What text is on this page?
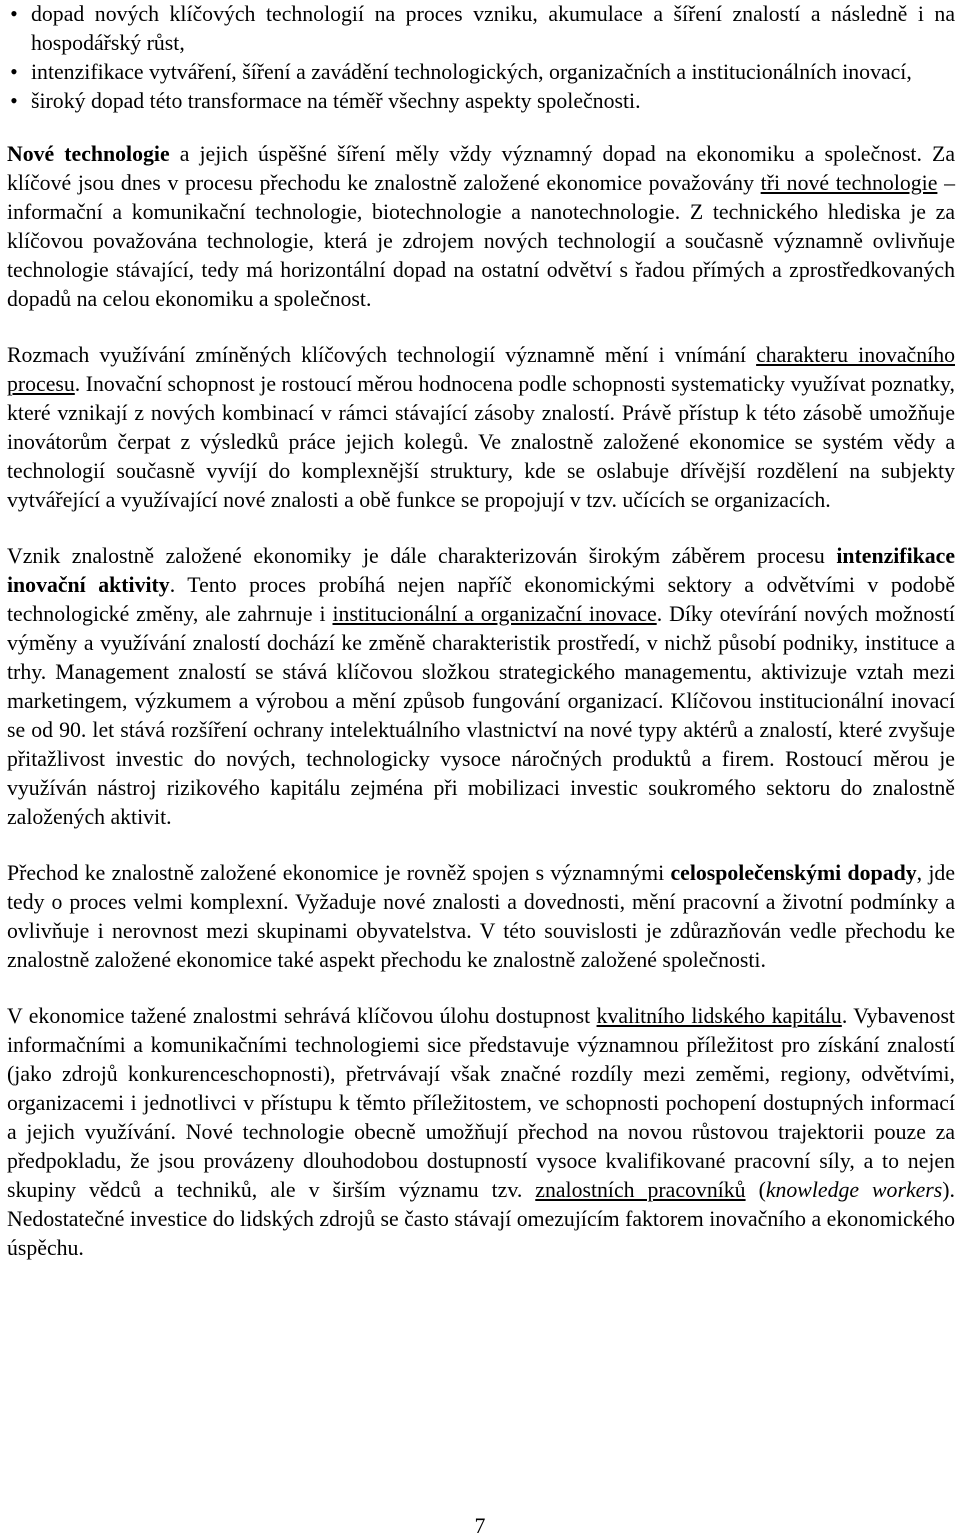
• dopad nových klíčových technologií na proces vzniku, akumulace a šíření znalostí a následně i na hospodářský růst,
• intenzifikace vytváření, šíření a zavádění technologických, organizačních a institucionálních inovací,
• široký dopad této transformace na téměř všechny aspekty společnosti.

Nové technologie a jejich úspěšné šíření měly vždy významný dopad na ekonomiku a společnost. Za klíčové jsou dnes v procesu přechodu ke znalostně založené ekonomice považovány tři nové technologie – informační a komunikační technologie, biotechnologie a nanotechnologie. Z technického hlediska je za klíčovou považována technologie, která je zdrojem nových technologií a současně významně ovlivňuje technologie stávající, tedy má horizontální dopad na ostatní odvětví s řadou přímých a zprostředkovaných dopadů na celou ekonomiku a společnost.

Rozmach využívání zmíněných klíčových technologií významně mění i vnímání charakteru inovačního procesu. Inovační schopnost je rostoucí měrou hodnocena podle schopnosti systematicky využívat poznatky, které vznikají z nových kombinací v rámci stávající zásoby znalostí. Právě přístup k této zásobě umožňuje inovátorům čerpat z výsledků práce jejich kolegů. Ve znalostně založené ekonomice se systém vědy a technologií současně vyvíjí do komplexnější struktury, kde se oslabuje dřívější rozdělení na subjekty vytvářející a využívající nové znalosti a obě funkce se propojují v tzv. učících se organizacích.

Vznik znalostně založené ekonomiky je dále charakterizován širokým záběrem procesu intenzifikace inovační aktivity. Tento proces probíhá nejen napříč ekonomickými sektory a odvětvími v podobě technologické změny, ale zahrnuje i institucionální a organizační inovace. Díky otevírání nových možností výměny a využívání znalostí dochází ke změně charakteristik prostředí, v nichž působí podniky, instituce a trhy. Management znalostí se stává klíčovou složkou strategického managementu, aktivizuje vztah mezi marketingem, výzkumem a výrobou a mění způsob fungování organizací. Klíčovou institucionální inovací se od 90. let stává rozšíření ochrany intelektuálního vlastnictví na nové typy aktérů a znalostí, které zvyšuje přitažlivost investic do nových, technologicky vysoce náročných produktů a firem. Rostoucí měrou je využíván nástroj rizikového kapitálu zejména při mobilizaci investic soukromého sektoru do znalostně založených aktivit.

Přechod ke znalostně založené ekonomice je rovněž spojen s významnými celospolečenskými dopady, jde tedy o proces velmi komplexní. Vyžaduje nové znalosti a dovednosti, mění pracovní a životní podmínky a ovlivňuje i nerovnost mezi skupinami obyvatelstva. V této souvislosti je zdůrazňován vedle přechodu ke znalostně založené ekonomice také aspekt přechodu ke znalostně založené společnosti.

V ekonomice tažené znalostmi sehrává klíčovou úlohu dostupnost kvalitního lidského kapitálu. Vybavenost informačními a komunikačními technologiemi sice představuje významnou příležitost pro získání znalostí (jako zdrojů konkurenceschopnosti), přetrvávají však značné rozdíly mezi zeměmi, regiony, odvětvími, organizacemi i jednotlivci v přístupu k těmto příležitostem, ve schopnosti pochopení dostupných informací a jejich využívání. Nové technologie obecně umožňují přechod na novou růstovou trajektorii pouze za předpokladu, že jsou provázeny dlouhodobou dostupností vysoce kvalifikované pracovní síly, a to nejen skupiny vědců a techniků, ale v širším významu tzv. znalostních pracovníků (knowledge workers). Nedostatečné investice do lidských zdrojů se často stávají omezujícím faktorem inovačního a ekonomického úspěchu.

7
